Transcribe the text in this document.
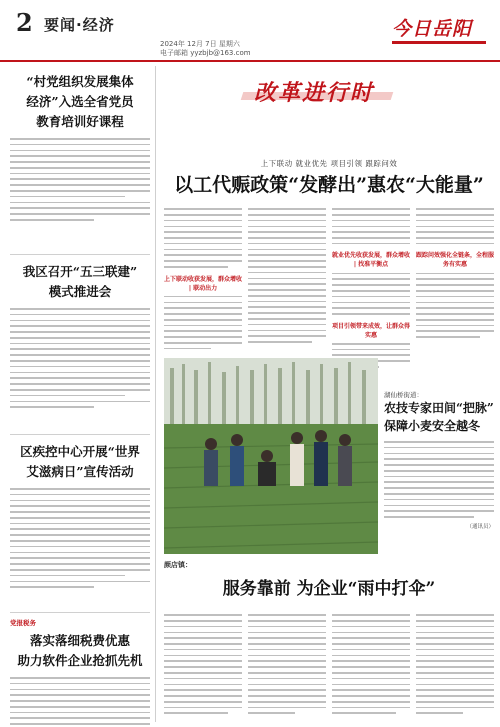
2 要闻·经济
2024年 12月 7日 星期六
电子邮箱 yyzbjb@163.com
今日岳阳
“村党组织发展集体
经济”入选全省党员
教育培训好课程
我区召开“五三联建”
模式推进会
区疾控中心开展“世界
艾滋病日”宣传活动
党报税务
落实落细税费优惠
助力软件企业抢抓先机
改革进行时
上下联动 就业优先 项目引领 跟踪问效
以工代赈政策“发酵出”惠农“大能量”
上下联动收获发展，群众增收 | 联动出力
就业优先收获发展，群众增收 | 找准平衡点
项目引领带来成效，让群众得实惠
跟踪问效强化全链条，全程服务有实惠
湖仙桥街道：
农技专家田间“把脉”
保障小麦安全越冬
（通讯员）
颜店镇：
服务靠前 为企业“雨中打伞”
